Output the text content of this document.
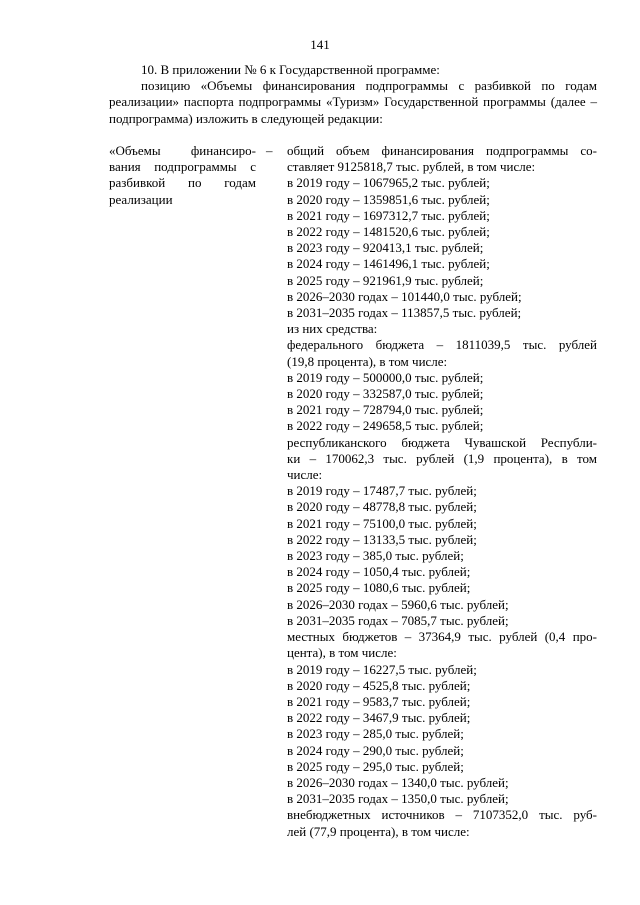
141

10. В приложении № 6 к Государственной программе:

позицию «Объемы финансирования подпрограммы с разбивкой по годам реализации» паспорта подпрограммы «Туризм» Государственной программы (далее – подпрограмма) изложить в следующей редакции:

«Объемы финансиро- вания подпрограммы с разбивкой по годам реализации

– общий объем финансирования подпрограммы со-
ставляет 9125818,7 тыс. рублей, в том числе:
в 2019 году – 1067965,2 тыс. рублей;
в 2020 году – 1359851,6 тыс. рублей;
в 2021 году – 1697312,7 тыс. рублей;
в 2022 году – 1481520,6 тыс. рублей;
в 2023 году – 920413,1 тыс. рублей;
в 2024 году – 1461496,1 тыс. рублей;
в 2025 году – 921961,9 тыс. рублей;
в 2026–2030 годах – 101440,0 тыс. рублей;
в 2031–2035 годах – 113857,5 тыс. рублей;
из них средства:
федерального бюджета – 1811039,5 тыс. рублей
(19,8 процента), в том числе:
в 2019 году – 500000,0 тыс. рублей;
в 2020 году – 332587,0 тыс. рублей;
в 2021 году – 728794,0 тыс. рублей;
в 2022 году – 249658,5 тыс. рублей;
республиканского бюджета Чувашской Республи-
ки – 170062,3 тыс. рублей (1,9 процента), в том
числе:
в 2019 году – 17487,7 тыс. рублей;
в 2020 году – 48778,8 тыс. рублей;
в 2021 году – 75100,0 тыс. рублей;
в 2022 году – 13133,5 тыс. рублей;
в 2023 году – 385,0 тыс. рублей;
в 2024 году – 1050,4 тыс. рублей;
в 2025 году – 1080,6 тыс. рублей;
в 2026–2030 годах – 5960,6 тыс. рублей;
в 2031–2035 годах – 7085,7 тыс. рублей;
местных бюджетов – 37364,9 тыс. рублей (0,4 про-
цента), в том числе:
в 2019 году – 16227,5 тыс. рублей;
в 2020 году – 4525,8 тыс. рублей;
в 2021 году – 9583,7 тыс. рублей;
в 2022 году – 3467,9 тыс. рублей;
в 2023 году – 285,0 тыс. рублей;
в 2024 году – 290,0 тыс. рублей;
в 2025 году – 295,0 тыс. рублей;
в 2026–2030 годах – 1340,0 тыс. рублей;
в 2031–2035 годах – 1350,0 тыс. рублей;
внебюджетных источников – 7107352,0 тыс. руб-
лей (77,9 процента), в том числе:
